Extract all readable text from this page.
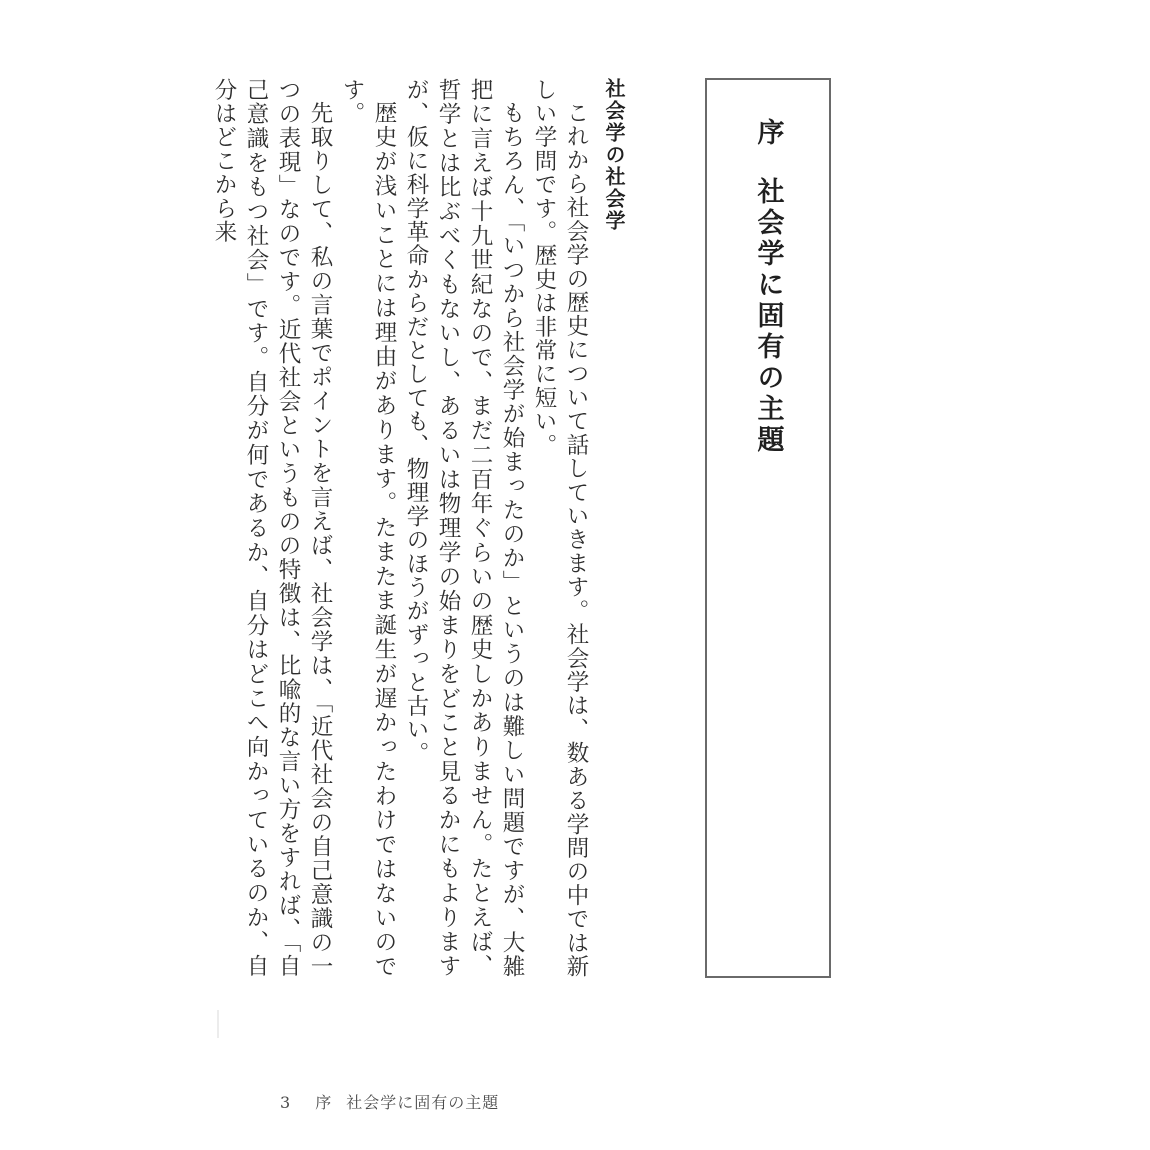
序社会学に固有の主題
社会学の社会学

これから社会学の歴史について話していきます。社会学は、数ある学問の中では新しい学問です。歴史は非常に短い。

もちろん、「いつから社会学が始まったのか」というのは難しい問題ですが、大雑把に言えば十九世紀なので、まだ二百年ぐらいの歴史しかありません。たとえば、哲学とは比ぶべくもないし、あるいは物理学の始まりをどこと見るかにもよりますが、仮に科学革命からだとしても、物理学のほうがずっと古い。

歴史が浅いことには理由があります。たまたま誕生が遅かったわけではないのです。

先取りして、私の言葉でポイントを言えば、社会学は、「近代社会の自己意識の一つの表現」なのです。近代社会というものの特徴は、比喩的な言い方をすれば、「自己意識をもつ社会」です。自分が何であるか、自分はどこへ向かっているのか、自分はどこから来

3 序 社会学に固有の主題
